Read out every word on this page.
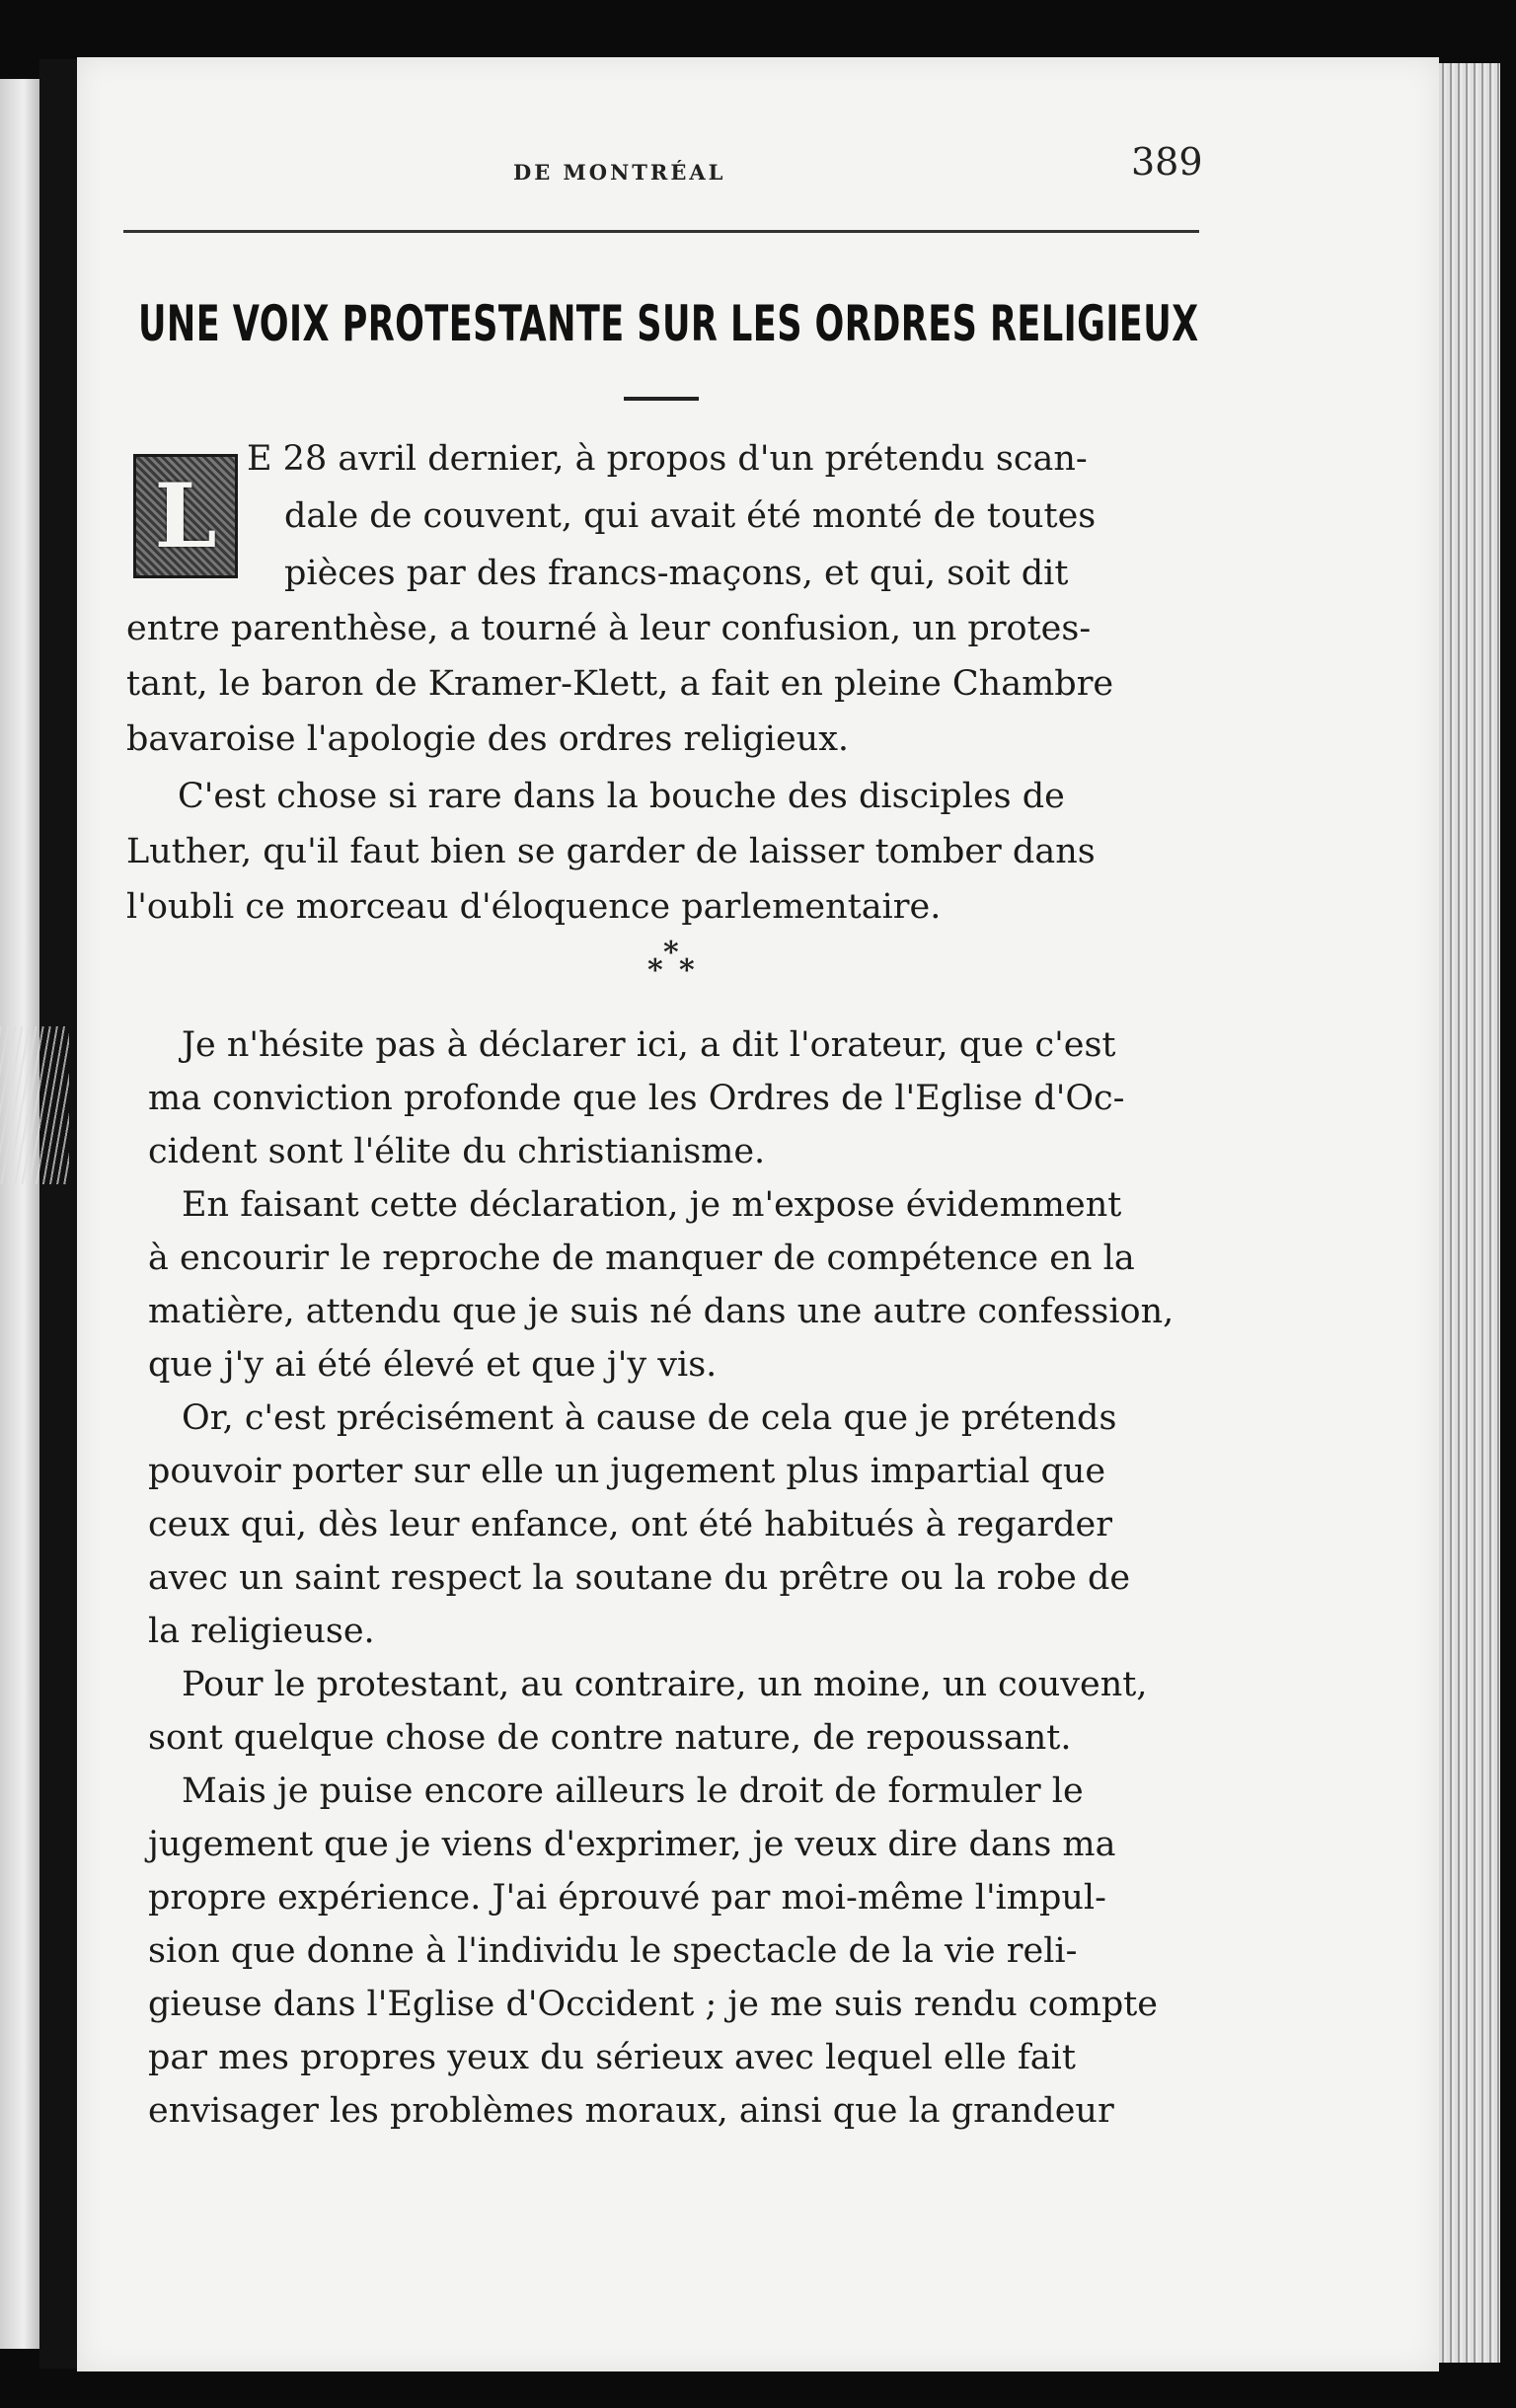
DE MONTRÉAL	389
UNE VOIX PROTESTANTE SUR LES ORDRES RELIGIEUX
L
*
* *
E 28 avril dernier, à propos d'un prétendu scan-
dale de couvent, qui avait été monté de toutes
pièces par des francs-maçons, et qui, soit dit
entre parenthèse, a tourné à leur confusion, un protes-
tant, le baron de Kramer-Klett, a fait en pleine Chambre
bavaroise l'apologie des ordres religieux.
C'est chose si rare dans la bouche des disciples de
Luther, qu'il faut bien se garder de laisser tomber dans
l'oubli ce morceau d'éloquence parlementaire.
Je n'hésite pas à déclarer ici, a dit l'orateur, que c'est
ma conviction profonde que les Ordres de l'Eglise d'Oc-
cident sont l'élite du christianisme.
En faisant cette déclaration, je m'expose évidemment
à encourir le reproche de manquer de compétence en la
matière, attendu que je suis né dans une autre confession,
que j'y ai été élevé et que j'y vis.
Or, c'est précisément à cause de cela que je prétends
pouvoir porter sur elle un jugement plus impartial que
ceux qui, dès leur enfance, ont été habitués à regarder
avec un saint respect la soutane du prêtre ou la robe de
la religieuse.
Pour le protestant, au contraire, un moine, un couvent,
sont quelque chose de contre nature, de repoussant.
Mais je puise encore ailleurs le droit de formuler le
jugement que je viens d'exprimer, je veux dire dans ma
propre expérience. J'ai éprouvé par moi-même l'impul-
sion que donne à l'individu le spectacle de la vie reli-
gieuse dans l'Eglise d'Occident ; je me suis rendu compte
par mes propres yeux du sérieux avec lequel elle fait
envisager les problèmes moraux, ainsi que la grandeur
